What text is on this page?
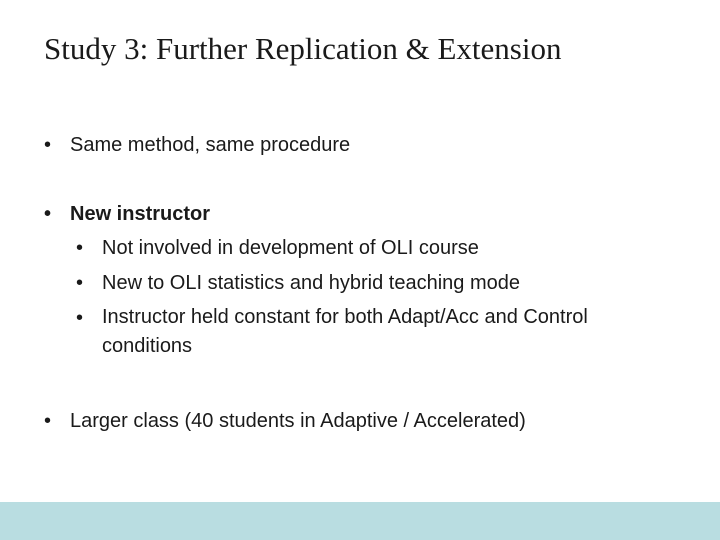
Study 3: Further Replication & Extension
• Same method, same procedure
• New instructor
• Not involved in development of OLI course
• New to OLI statistics and hybrid teaching mode
• Instructor held constant for both Adapt/Acc and Control conditions
• Larger class (40 students in Adaptive / Accelerated)
